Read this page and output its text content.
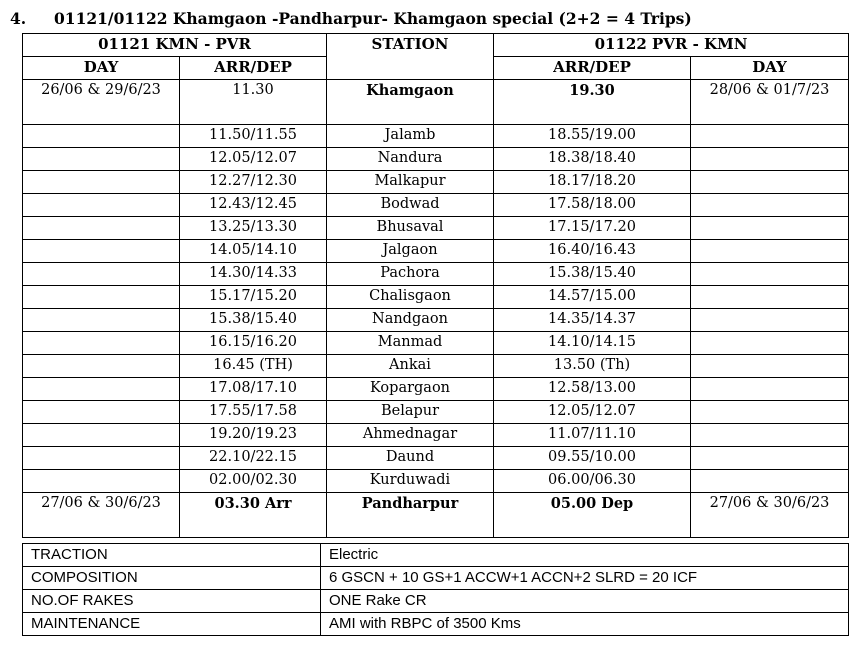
4. 01121/01122 Khamgaon -Pandharpur- Khamgaon special (2+2 = 4 Trips)
01121 KMN - PVR		STATION	01122 PVR - KMN	
DAY	ARR/DEP		ARR/DEP	DAY
26/06 & 29/6/23	11.30	Khamgaon	19.30	28/06 & 01/7/23
	11.50/11.55	Jalamb	18.55/19.00	
	12.05/12.07	Nandura	18.38/18.40	
	12.27/12.30	Malkapur	18.17/18.20	
	12.43/12.45	Bodwad	17.58/18.00	
	13.25/13.30	Bhusaval	17.15/17.20	
	14.05/14.10	Jalgaon	16.40/16.43	
	14.30/14.33	Pachora	15.38/15.40	
	15.17/15.20	Chalisgaon	14.57/15.00	
	15.38/15.40	Nandgaon	14.35/14.37	
	16.15/16.20	Manmad	14.10/14.15	
	16.45 (TH)	Ankai	13.50 (Th)	
	17.08/17.10	Kopargaon	12.58/13.00	
	17.55/17.58	Belapur	12.05/12.07	
	19.20/19.23	Ahmednagar	11.07/11.10	
	22.10/22.15	Daund	09.55/10.00	
	02.00/02.30	Kurduwadi	06.00/06.30	
27/06 & 30/6/23	03.30 Arr	Pandharpur	05.00 Dep	27/06 & 30/6/23
TRACTION	Electric
COMPOSITION	6 GSCN + 10 GS+1 ACCW+1 ACCN+2 SLRD = 20 ICF
NO.OF RAKES	ONE Rake CR
MAINTENANCE	AMI with RBPC of 3500 Kms
